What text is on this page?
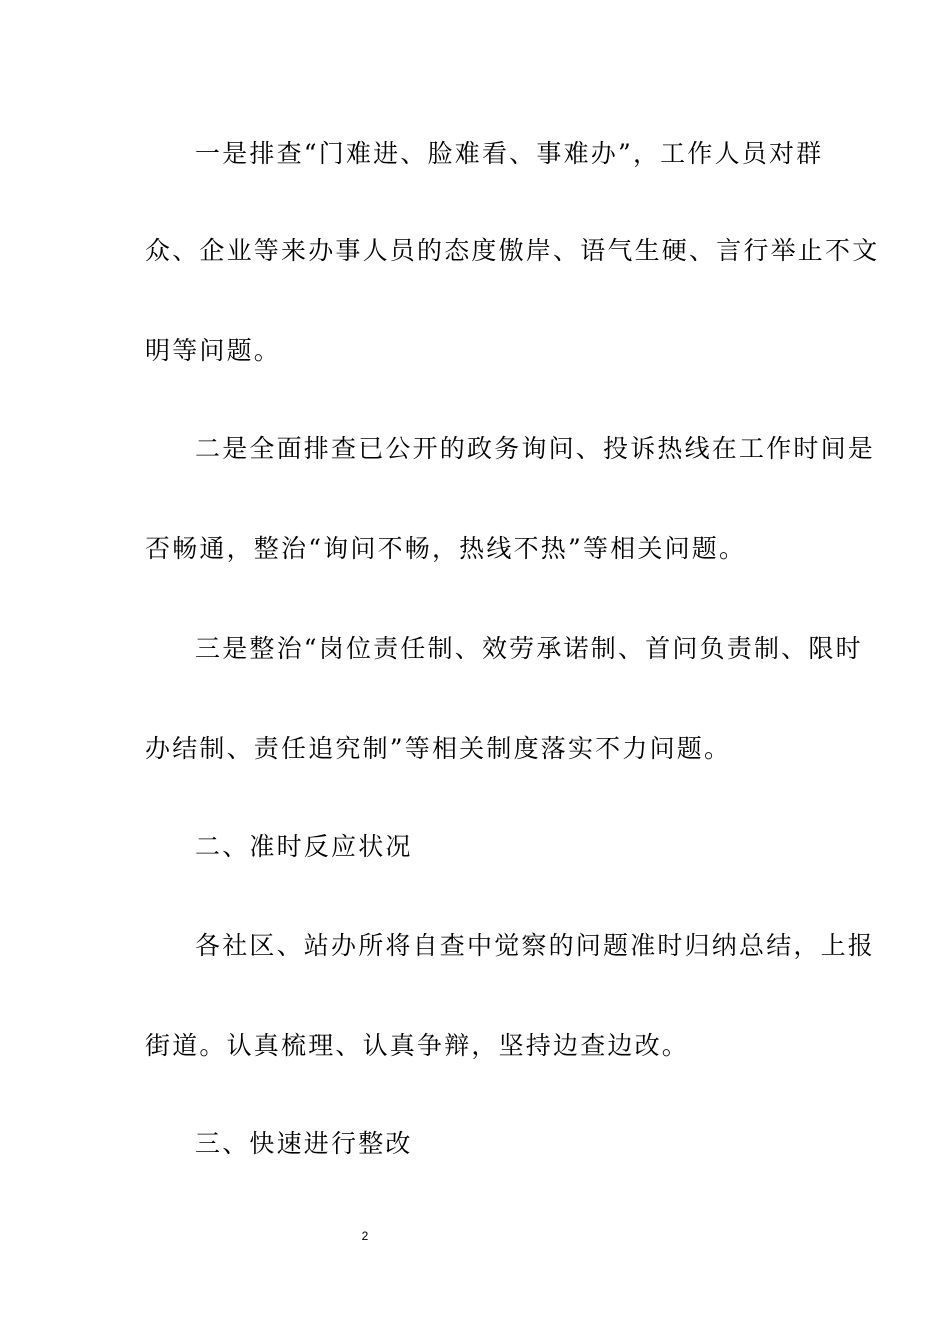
一是排查“门难进、脸难看、事难办”，工作人员对群
众、企业等来办事人员的态度傲岸、语气生硬、言行举止不文
明等问题。
二是全面排查已公开的政务询问、投诉热线在工作时间是
否畅通，整治“询问不畅，热线不热”等相关问题。
三是整治“岗位责任制、效劳承诺制、首问负责制、限时
办结制、责任追究制”等相关制度落实不力问题。
二、准时反应状况
各社区、站办所将自查中觉察的问题准时归纳总结，上报
街道。认真梳理、认真争辩，坚持边查边改。
三、快速进行整改
2
